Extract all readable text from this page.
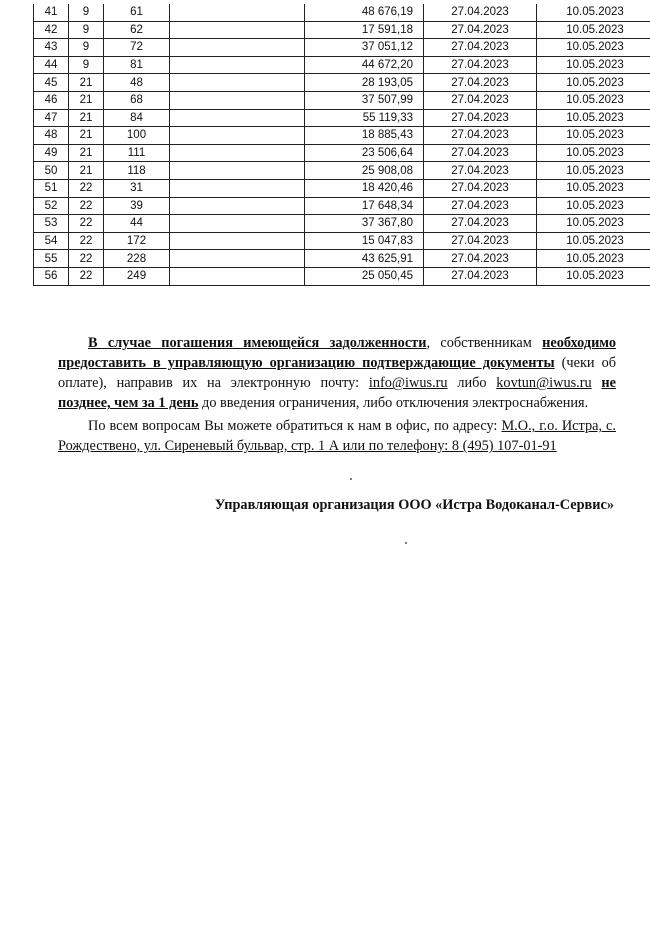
41	9	61		48 676,19	27.04.2023	10.05.2023
42	9	62		17 591,18	27.04.2023	10.05.2023
43	9	72		37 051,12	27.04.2023	10.05.2023
44	9	81		44 672,20	27.04.2023	10.05.2023
45	21	48		28 193,05	27.04.2023	10.05.2023
46	21	68		37 507,99	27.04.2023	10.05.2023
47	21	84		55 119,33	27.04.2023	10.05.2023
48	21	100		18 885,43	27.04.2023	10.05.2023
49	21	111		23 506,64	27.04.2023	10.05.2023
50	21	118		25 908,08	27.04.2023	10.05.2023
51	22	31		18 420,46	27.04.2023	10.05.2023
52	22	39		17 648,34	27.04.2023	10.05.2023
53	22	44		37 367,80	27.04.2023	10.05.2023
54	22	172		15 047,83	27.04.2023	10.05.2023
55	22	228		43 625,91	27.04.2023	10.05.2023
56	22	249		25 050,45	27.04.2023	10.05.2023

В случае погашения имеющейся задолженности, собственникам необходимо предоставить в управляющую организацию подтверждающие документы (чеки об оплате), направив их на электронную почту: info@iwus.ru либо kovtun@iwus.ru не позднее, чем за 1 день до введения ограничения, либо отключения электроснабжения.

По всем вопросам Вы можете обратиться к нам в офис, по адресу: М.О., г.о. Истра, с. Рождествено, ул. Сиреневый бульвар, стр. 1 А или по телефону: 8 (495) 107-01-91

Управляющая организация ООО «Истра Водоканал-Сервис»
